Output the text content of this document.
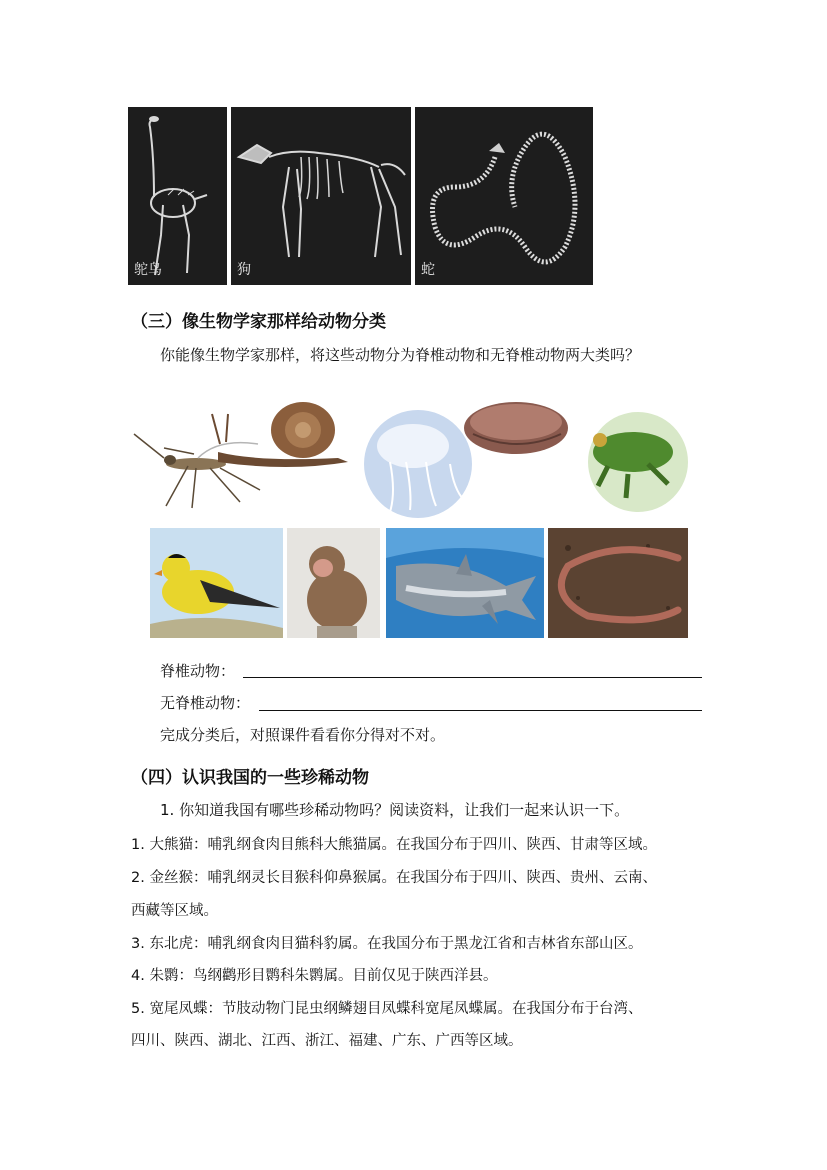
鸵鸟	狗	蛇
（三）像生物学家那样给动物分类
你能像生物学家那样，将这些动物分为脊椎动物和无脊椎动物两大类吗？
脊椎动物：
无脊椎动物：
完成分类后，对照课件看看你分得对不对。
（四）认识我国的一些珍稀动物
1. 你知道我国有哪些珍稀动物吗？阅读资料，让我们一起来认识一下。
1. 大熊猫：哺乳纲食肉目熊科大熊猫属。在我国分布于四川、陕西、甘肃等区域。
2. 金丝猴：哺乳纲灵长目猴科仰鼻猴属。在我国分布于四川、陕西、贵州、云南、
西藏等区域。
3. 东北虎：哺乳纲食肉目猫科豹属。在我国分布于黑龙江省和吉林省东部山区。
4. 朱鹮：鸟纲鹳形目鹮科朱鹮属。目前仅见于陕西洋县。
5. 宽尾凤蝶：节肢动物门昆虫纲鳞翅目凤蝶科宽尾凤蝶属。在我国分布于台湾、
四川、陕西、湖北、江西、浙江、福建、广东、广西等区域。
